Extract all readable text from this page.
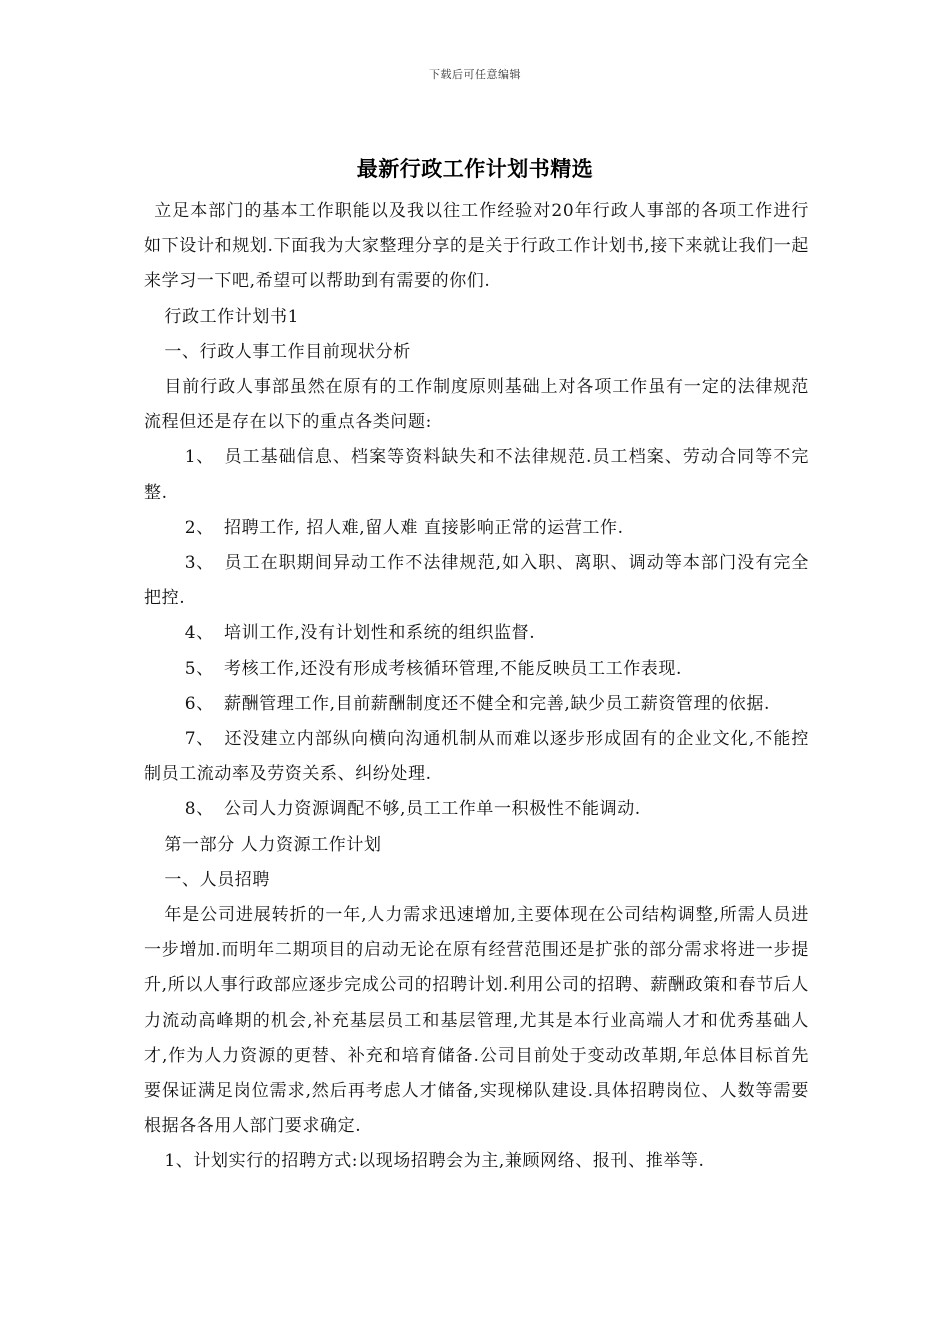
下载后可任意编辑
最新行政工作计划书精选

立足本部门的基本工作职能以及我以往工作经验对20年行政人事部的各项工作进行如下设计和规划.下面我为大家整理分享的是关于行政工作计划书,接下来就让我们一起来学习一下吧,希望可以帮助到有需要的你们.

行政工作计划书1

一、行政人事工作目前现状分析

目前行政人事部虽然在原有的工作制度原则基础上对各项工作虽有一定的法律规范流程但还是存在以下的重点各类问题:

1、 员工基础信息、档案等资料缺失和不法律规范.员工档案、劳动合同等不完整.

2、 招聘工作, 招人难,留人难 直接影响正常的运营工作.

3、 员工在职期间异动工作不法律规范,如入职、离职、调动等本部门没有完全把控.

4、 培训工作,没有计划性和系统的组织监督.

5、 考核工作,还没有形成考核循环管理,不能反映员工工作表现.

6、 薪酬管理工作,目前薪酬制度还不健全和完善,缺少员工薪资管理的依据.

7、 还没建立内部纵向横向沟通机制从而难以逐步形成固有的企业文化,不能控制员工流动率及劳资关系、纠纷处理.

8、 公司人力资源调配不够,员工工作单一积极性不能调动.

第一部分 人力资源工作计划

一、人员招聘

年是公司进展转折的一年,人力需求迅速增加,主要体现在公司结构调整,所需人员进一步增加.而明年二期项目的启动无论在原有经营范围还是扩张的部分需求将进一步提升,所以人事行政部应逐步完成公司的招聘计划.利用公司的招聘、薪酬政策和春节后人力流动高峰期的机会,补充基层员工和基层管理,尤其是本行业高端人才和优秀基础人才,作为人力资源的更替、补充和培育储备.公司目前处于变动改革期,年总体目标首先要保证满足岗位需求,然后再考虑人才储备,实现梯队建设.具体招聘岗位、人数等需要根据各各用人部门要求确定.

1、计划实行的招聘方式:以现场招聘会为主,兼顾网络、报刊、推举等.
